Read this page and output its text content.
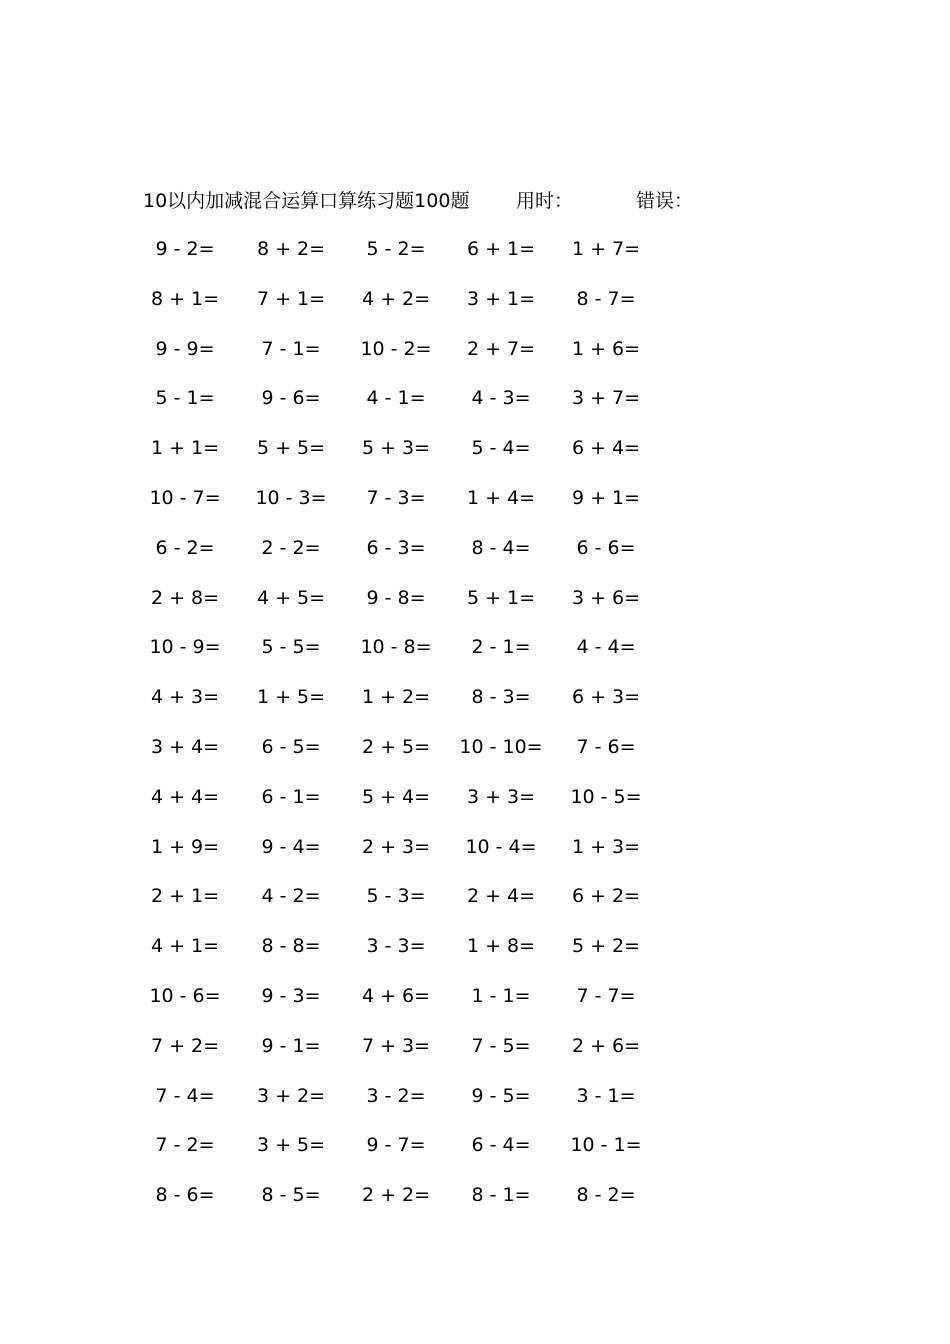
10以内加减混合运算口算练习题100题 用时：	错误：
9 - 2=	8 + 2=	5 - 2=	6 + 1=	1 + 7=
8 + 1=	7 + 1=	4 + 2=	3 + 1=	8 - 7=
9 - 9=	7 - 1=	10 - 2=	2 + 7=	1 + 6=
5 - 1=	9 - 6=	4 - 1=	4 - 3=	3 + 7=
1 + 1=	5 + 5=	5 + 3=	5 - 4=	6 + 4=
10 - 7=	10 - 3=	7 - 3=	1 + 4=	9 + 1=
6 - 2=	2 - 2=	6 - 3=	8 - 4=	6 - 6=
2 + 8=	4 + 5=	9 - 8=	5 + 1=	3 + 6=
10 - 9=	5 - 5=	10 - 8=	2 - 1=	4 - 4=
4 + 3=	1 + 5=	1 + 2=	8 - 3=	6 + 3=
3 + 4=	6 - 5=	2 + 5=	10 - 10=	7 - 6=
4 + 4=	6 - 1=	5 + 4=	3 + 3=	10 - 5=
1 + 9=	9 - 4=	2 + 3=	10 - 4=	1 + 3=
2 + 1=	4 - 2=	5 - 3=	2 + 4=	6 + 2=
4 + 1=	8 - 8=	3 - 3=	1 + 8=	5 + 2=
10 - 6=	9 - 3=	4 + 6=	1 - 1=	7 - 7=
7 + 2=	9 - 1=	7 + 3=	7 - 5=	2 + 6=
7 - 4=	3 + 2=	3 - 2=	9 - 5=	3 - 1=
7 - 2=	3 + 5=	9 - 7=	6 - 4=	10 - 1=
8 - 6=	8 - 5=	2 + 2=	8 - 1=	8 - 2=
